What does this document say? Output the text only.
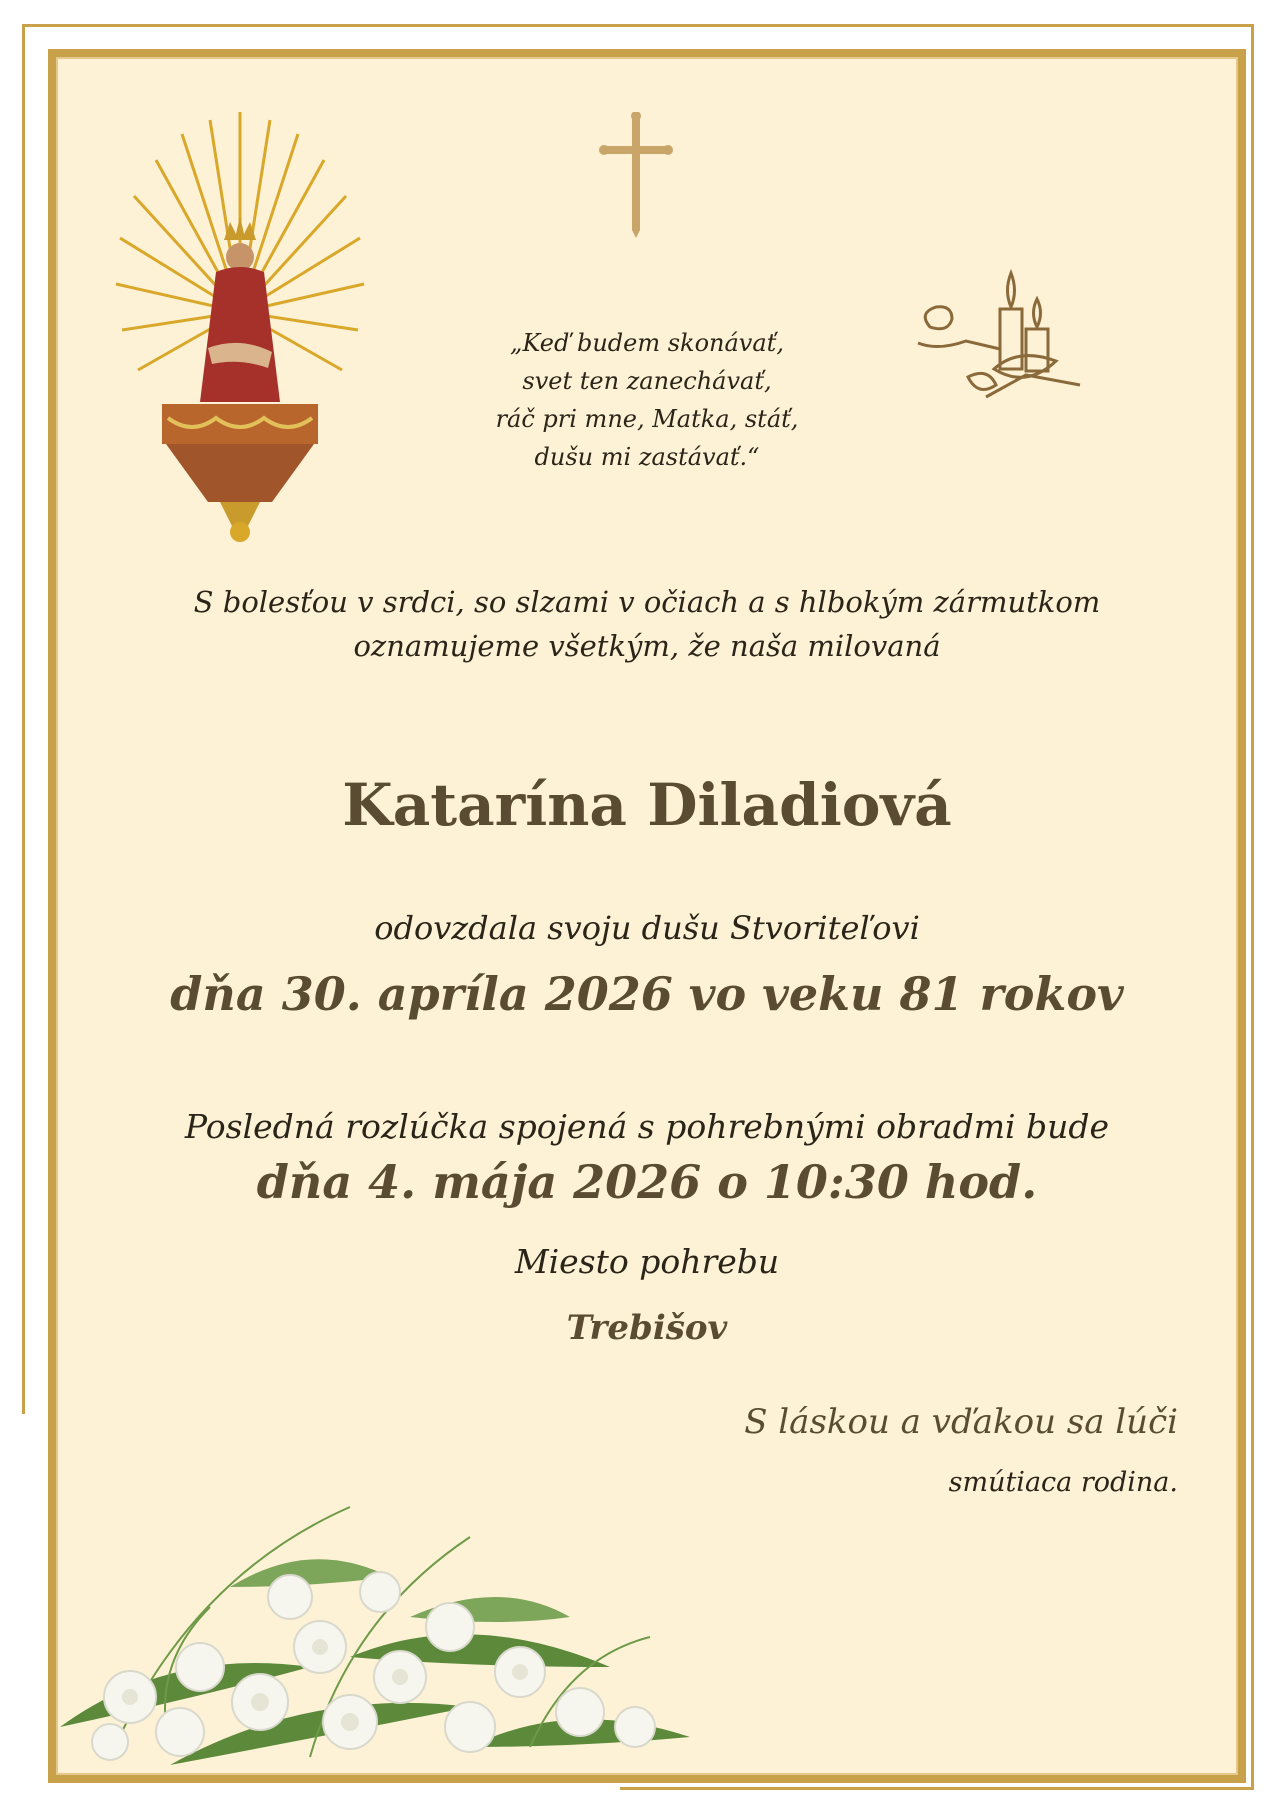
„Keď budem skonávať,
svet ten zanechávať,
ráč pri mne, Matka, stáť,
dušu mi zastávať.“
S bolesťou v srdci, so slzami v očiach a s hlbokým zármutkom
oznamujeme všetkým, že naša milovaná
Katarína Diladiová
odovzdala svoju dušu Stvoriteľovi
dňa 30. apríla 2026 vo veku 81 rokov
Posledná rozlúčka spojená s pohrebnými obradmi bude
dňa 4. mája 2026 o 10:30 hod.
Miesto pohrebu
Trebišov
S láskou a vďakou sa lúči
smútiaca rodina.
